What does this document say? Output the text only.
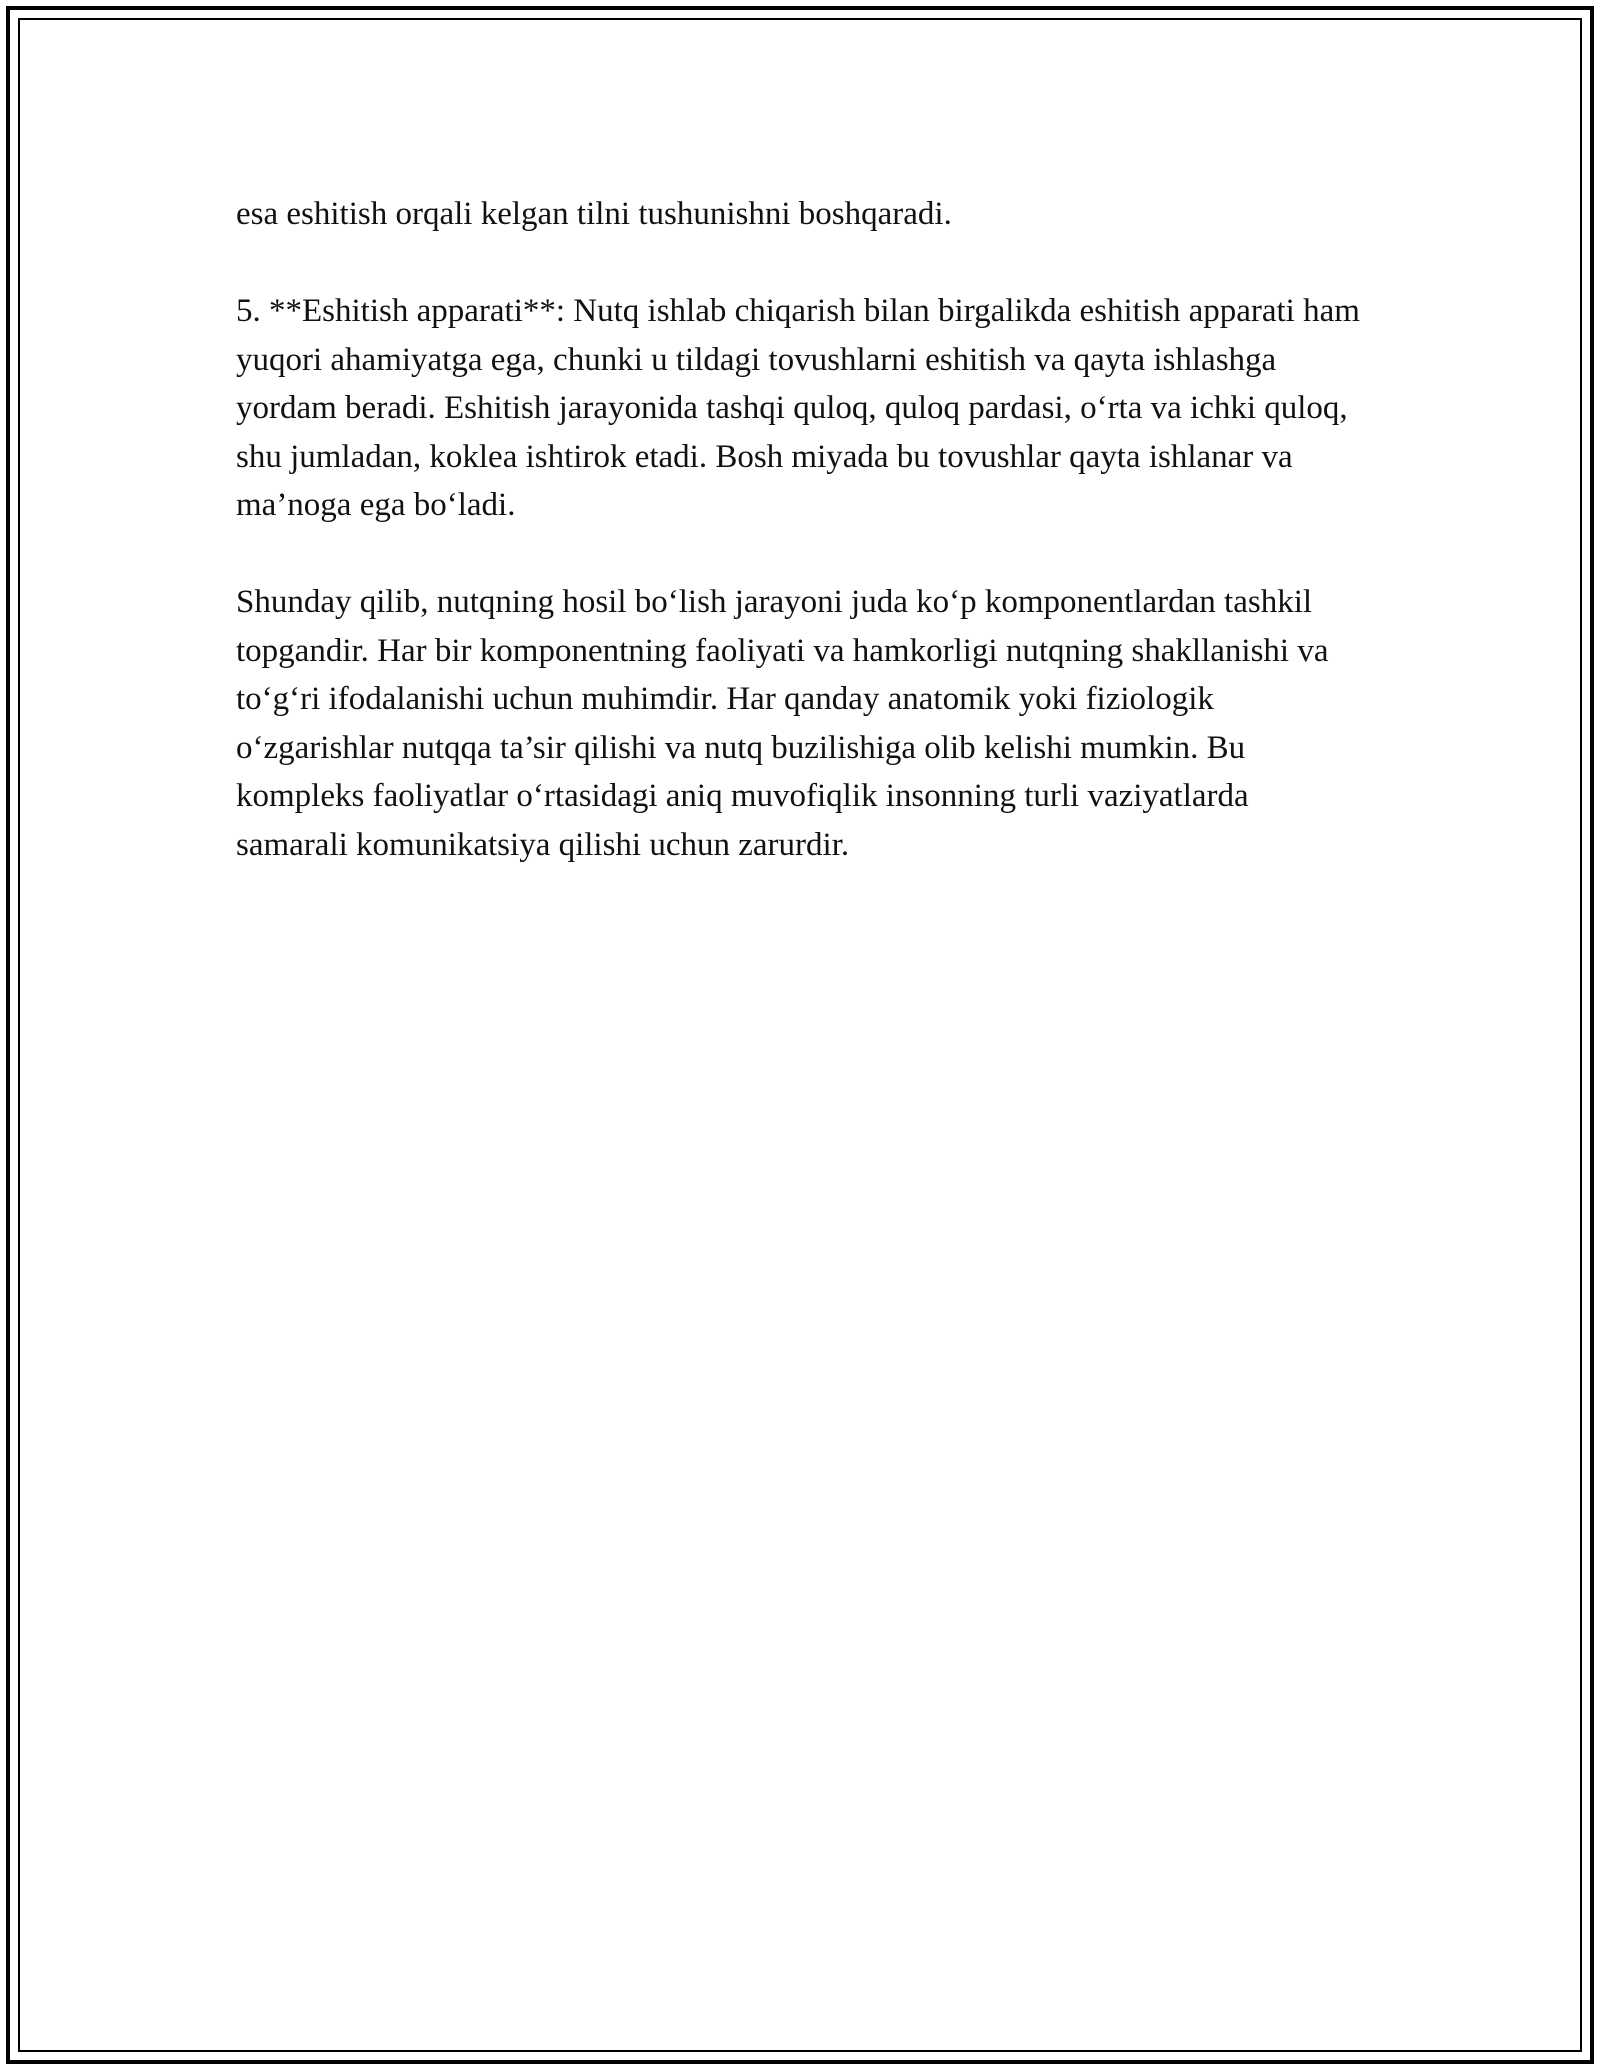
esa eshitish orqali kelgan tilni tushunishni boshqaradi.

5. **Eshitish apparati**: Nutq ishlab chiqarish bilan birgalikda eshitish apparati ham yuqori ahamiyatga ega, chunki u tildagi tovushlarni eshitish va qayta ishlashga yordam beradi. Eshitish jarayonida tashqi quloq, quloq pardasi, o‘rta va ichki quloq, shu jumladan, koklea ishtirok etadi. Bosh miyada bu tovushlar qayta ishlanar va ma’noga ega bo‘ladi.

Shunday qilib, nutqning hosil bo‘lish jarayoni juda ko‘p komponentlardan tashkil topgandir. Har bir komponentning faoliyati va hamkorligi nutqning shakllanishi va to‘g‘ri ifodalanishi uchun muhimdir. Har qanday anatomik yoki fiziologik o‘zgarishlar nutqqa ta’sir qilishi va nutq buzilishiga olib kelishi mumkin. Bu kompleks faoliyatlar o‘rtasidagi aniq muvofiqlik insonning turli vaziyatlarda samarali komunikatsiya qilishi uchun zarurdir.
